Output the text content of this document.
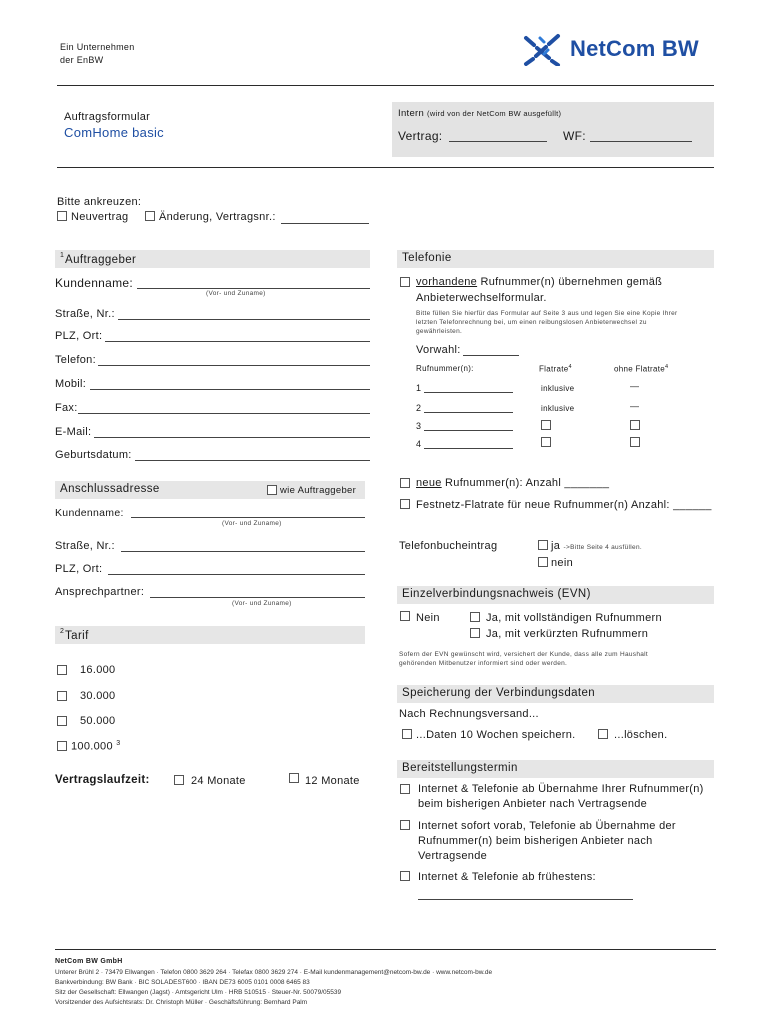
Ein Unternehmen
der EnBW	NetCom BW
Auftragsformular
ComHome basic
Intern (wird von der NetCom BW ausgefüllt)
Vertrag:	WF:
Bitte ankreuzen:
Neuvertrag	Änderung, Vertragsnr.:
Auftraggeber
$^1$
Kundenname:
(Vor- und Zuname)
Straße, Nr.:
PLZ, Ort:
Telefon:
Mobil:
Fax:
E-Mail:
Geburtsdatum:
Anschlussadresse	wie Auftraggeber
Kundenname:
(Vor- und Zuname)
Straße, Nr.:
PLZ, Ort:
Ansprechpartner:
(Vor- und Zuname)
Tarif
$^2$
16.000
30.000
50.000
100.000 $^3$
Vertragslaufzeit:	24 Monate	12 Monate
Telefonie
vorhandene Rufnummer(n) übernehmen gemäß
Anbieterwechselformular.
Bitte füllen Sie hierfür das Formular auf Seite 3 aus und legen Sie eine Kopie Ihrer
letzten Telefonrechnung bei, um einen reibungslosen Anbieterwechsel zu
gewährleisten.
Vorwahl:
Rufnummer(n):	Flatrate$^4$	ohne Flatrate$^4$
1	inklusive	—
2	inklusive	—
3
4
neue Rufnummer(n): Anzahl _______
Festnetz-Flatrate für neue Rufnummer(n) Anzahl: ______
Telefonbucheintrag	ja ->Bitte Seite 4 ausfüllen.
nein
Einzelverbindungsnachweis (EVN)
Nein	Ja, mit vollständigen Rufnummern
Ja, mit verkürzten Rufnummern
Sofern der EVN gewünscht wird, versichert der Kunde, dass alle zum Haushalt
gehörenden Mitbenutzer informiert sind oder werden.
Speicherung der Verbindungsdaten
Nach Rechnungsversand...
...Daten 10 Wochen speichern.	...löschen.
Bereitstellungstermin
Internet & Telefonie ab Übernahme Ihrer Rufnummer(n)
beim bisherigen Anbieter nach Vertragsende
Internet sofort vorab, Telefonie ab Übernahme der
Rufnummer(n) beim bisherigen Anbieter nach
Vertragsende
Internet & Telefonie ab frühestens:
NetCom BW GmbH
Unterer Brühl 2 · 73479 Ellwangen · Telefon 0800 3629 264 · Telefax 0800 3629 274 · E-Mail kundenmanagement@netcom-bw.de · www.netcom-bw.de
Bankverbindung: BW Bank · BIC SOLADEST600 · IBAN DE73 6005 0101 0008 6465 83
Sitz der Gesellschaft: Ellwangen (Jagst) · Amtsgericht Ulm · HRB 510515 · Steuer-Nr. 50079/05539
Vorsitzender des Aufsichtsrats: Dr. Christoph Müller · Geschäftsführung: Bernhard Palm
